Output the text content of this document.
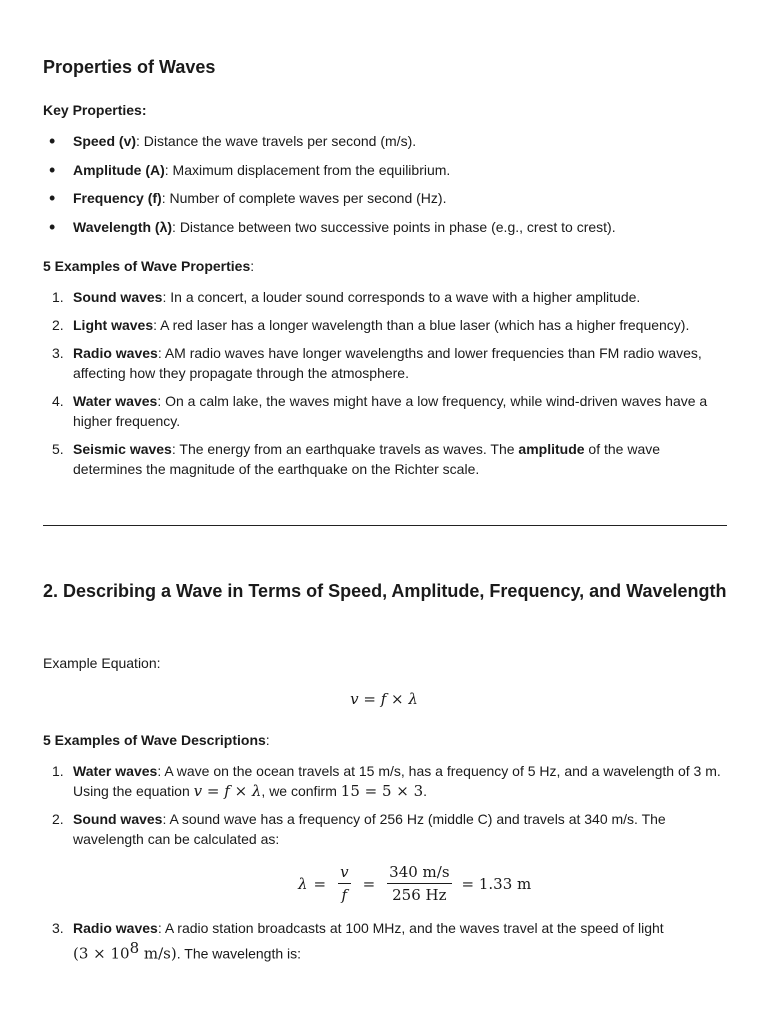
Properties of Waves

Key Properties:

• Speed (v): Distance the wave travels per second (m/s).
• Amplitude (A): Maximum displacement from the equilibrium.
• Frequency (f): Number of complete waves per second (Hz).
• Wavelength (λ): Distance between two successive points in phase (e.g., crest to crest).

5 Examples of Wave Properties:

1. Sound waves: In a concert, a louder sound corresponds to a wave with a higher amplitude.
2. Light waves: A red laser has a longer wavelength than a blue laser (which has a higher frequency).
3. Radio waves: AM radio waves have longer wavelengths and lower frequencies than FM radio waves, affecting how they propagate through the atmosphere.
4. Water waves: On a calm lake, the waves might have a low frequency, while wind-driven waves have a higher frequency.
5. Seismic waves: The energy from an earthquake travels as waves. The amplitude of the wave determines the magnitude of the earthquake on the Richter scale.
2. Describing a Wave in Terms of Speed, Amplitude, Frequency, and Wavelength

Example Equation:

v = f × λ

5 Examples of Wave Descriptions:

1. Water waves: A wave on the ocean travels at 15 m/s, has a frequency of 5 Hz, and a wavelength of 3 m. Using the equation v = f × λ, we confirm 15 = 5 × 3.
2. Sound waves: A sound wave has a frequency of 256 Hz (middle C) and travels at 340 m/s. The wavelength can be calculated as:
$\lambda = \frac{v}{f} = \frac{340 m/s}{256 Hz} = 1.33$ m
3. Radio waves: A radio station broadcasts at 100 MHz, and the waves travel at the speed of light
($3 \times 10^8$ m/s). The wavelength is:
